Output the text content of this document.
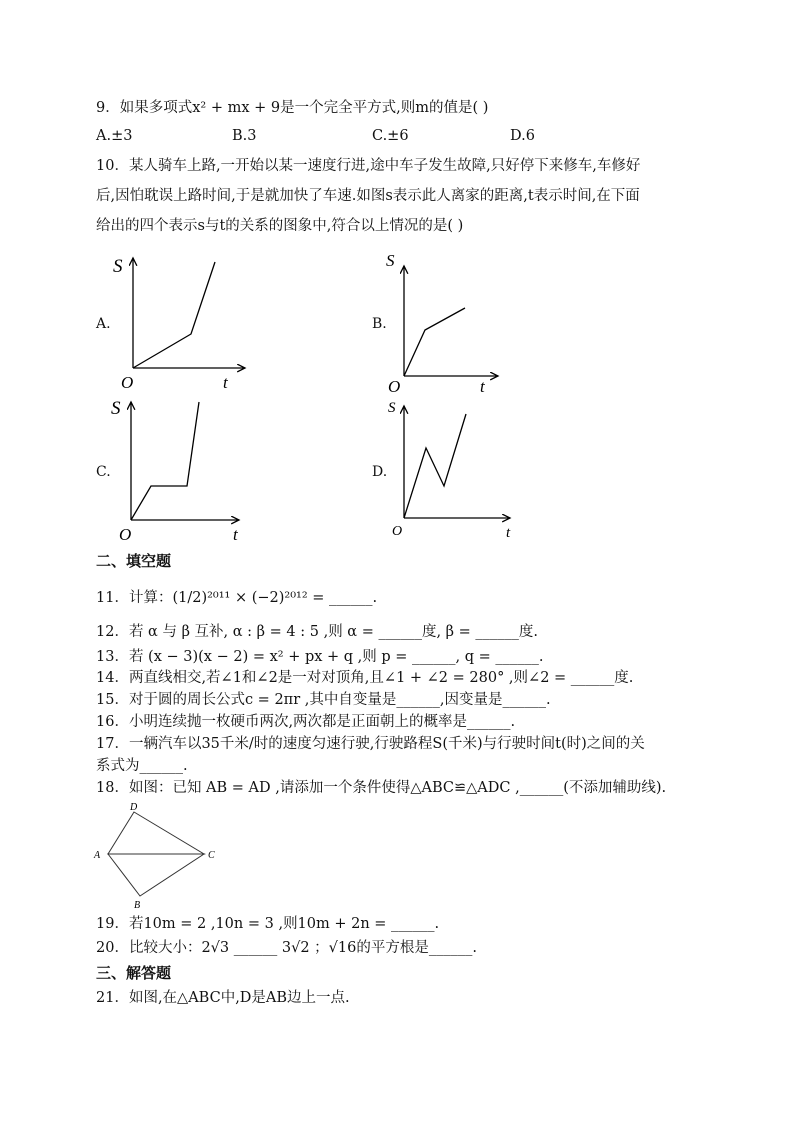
9．如果多项式x² + mx + 9是一个完全平方式,则m的值是( )
A.±3	B.3	C.±6	D.6
10．某人骑车上路,一开始以某一速度行进,途中车子发生故障,只好停下来修车,车修好
后,因怕耽误上路时间,于是就加快了车速.如图s表示此人离家的距离,t表示时间,在下面
给出的四个表示s与t的关系的图象中,符合以上情况的是( )
A.
S
O	t
B.
S
O	t
C.
S
O	t
D.
S
O	t
二、填空题
11．计算：(1/2)²⁰¹¹ × (−2)²⁰¹² = ______.
12．若 α 与 β 互补, α : β = 4 : 5 ,则 α = ______度, β = ______度.
13．若 (x − 3)(x − 2) = x² + px + q ,则 p = ______, q = ______.
14．两直线相交,若∠1和∠2是一对对顶角,且∠1 + ∠2 = 280° ,则∠2 = ______度.
15．对于圆的周长公式c = 2πr ,其中自变量是______,因变量是______.
16．小明连续抛一枚硬币两次,两次都是正面朝上的概率是______.
17．一辆汽车以35千米/时的速度匀速行驶,行驶路程S(千米)与行驶时间t(时)之间的关
系式为______.
18．如图：已知 AB = AD ,请添加一个条件使得△ABC≌△ADC ,______(不添加辅助线).
D
A	C
B
19．若10m = 2 ,10n = 3 ,则10m + 2n = ______.
20．比较大小：2√3 ______ 3√2 ；√16的平方根是______.
三、解答题
21．如图,在△ABC中,D是AB边上一点.
